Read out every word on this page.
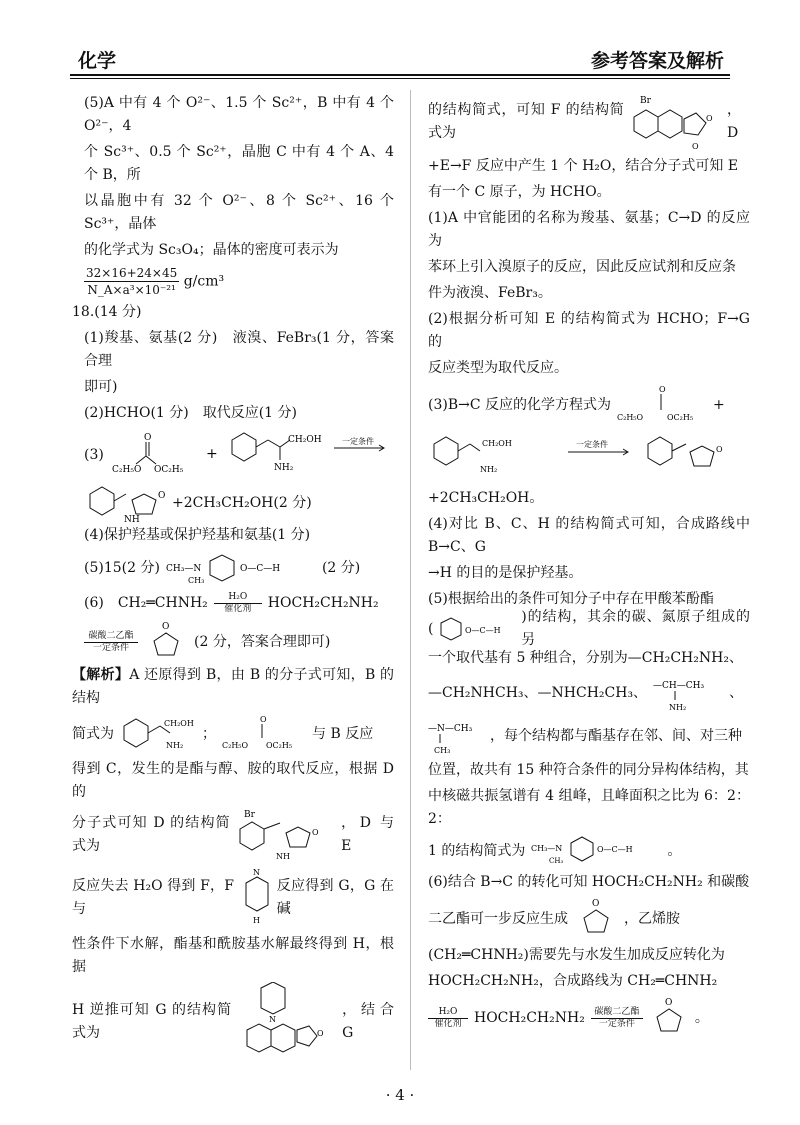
化学	参考答案及解析

(5)A 中有 4 个 O²⁻、1.5 个 Sc²⁺，B 中有 4 个 O²⁻，4

个 Sc³⁺、0.5 个 Sc²⁺，晶胞 C 中有 4 个 A、4 个 B，所

以晶胞中有 32 个 O²⁻、8 个 Sc²⁺、16 个 Sc³⁺，晶体

的化学式为 Sc₃O₄；晶体的密度可表示为

$\frac{32\times 16+24\times 45}{\text{N\_A×a³×10⁻²¹}} g/cm^3$

18.(14 分)

(1)羧基、氨基(2 分)　液溴、FeBr₃(1 分，答案合理

即可)

(2)HCHO(1 分)　取代反应(1 分)

(3)
C₂H₅O
O
OC₂H₅
+
CH₂OH
NH₂
一定条件
O
NH
+2CH₃CH₂OH(2 分)

(4)保护羟基或保护羟基和氨基(1 分)

(5)15(2 分) CH₃—N
CH₃
O—C—H	(2 分)
(6)　CH₂═CHNH₂	H₂O
催化剂	HOCH₂CH₂NH₂
碳酸二乙酯
一定条件
O
(2 分，答案合理即可)

【解析】A 还原得到 B，由 B 的分子式可知，B 的结构

简式为
CH₂OH
NH₂
；
C₂H₅O
O
OC₂H₅
与 B 反应

得到 C，发生的是酯与醇、胺的取代反应，根据 D 的

分子式可知 D 的结构简式为
Br
O
NH
，D 与 E
反应失去 H₂O 得到 F，F 与
N
H
反应得到 G，G 在碱

性条件下水解，酯基和酰胺基水解最终得到 H，根据

H 逆推可知 G 的结构简式为
N
O
，结合 G
的结构简式，可知 F 的结构简式为
Br
O
O
，D

+E→F 反应中产生 1 个 H₂O，结合分子式可知 E

有一个 C 原子，为 HCHO。

(1)A 中官能团的名称为羧基、氨基；C→D 的反应为

苯环上引入溴原子的反应，因此反应试剂和反应条

件为液溴、FeBr₃。

(2)根据分析可知 E 的结构简式为 HCHO；F→G 的

反应类型为取代反应。

(3)B→C 反应的化学方程式为
C₂H₅O
O
OC₂H₅
+
CH₂OH
NH₂
一定条件
O

+2CH₃CH₂OH。

(4)对比 B、C、H 的结构简式可知，合成路线中 B→C、G

→H 的目的是保护羟基。

(5)根据给出的条件可知分子中存在甲酸苯酚酯

(	O—C—H
)的结构，其余的碳、氮原子组成的另

一个取代基有 5 种组合，分别为—CH₂CH₂NH₂、

—CH₂NHCH₃、—NHCH₂CH₃、 —CH—CH₃
NH₂
、
—N—CH₃
CH₃
，每个结构都与酯基存在邻、间、对三种

位置，故共有 15 种符合条件的同分异构体结构，其

中核磁共振氢谱有 4 组峰，且峰面积之比为 6：2：2：

1 的结构简式为 CH₃—N
CH₃
O—C—H 。

(6)结合 B→C 的转化可知 HOCH₂CH₂NH₂ 和碳酸

二乙酯可一步反应生成
O
，乙烯胺

(CH₂═CHNH₂)需要先与水发生加成反应转化为

HOCH₂CH₂NH₂，合成路线为 CH₂═CHNH₂

H₂O
催化剂 HOCH₂CH₂NH₂	碳酸二乙酯
一定条件
O
。
· 4 ·
